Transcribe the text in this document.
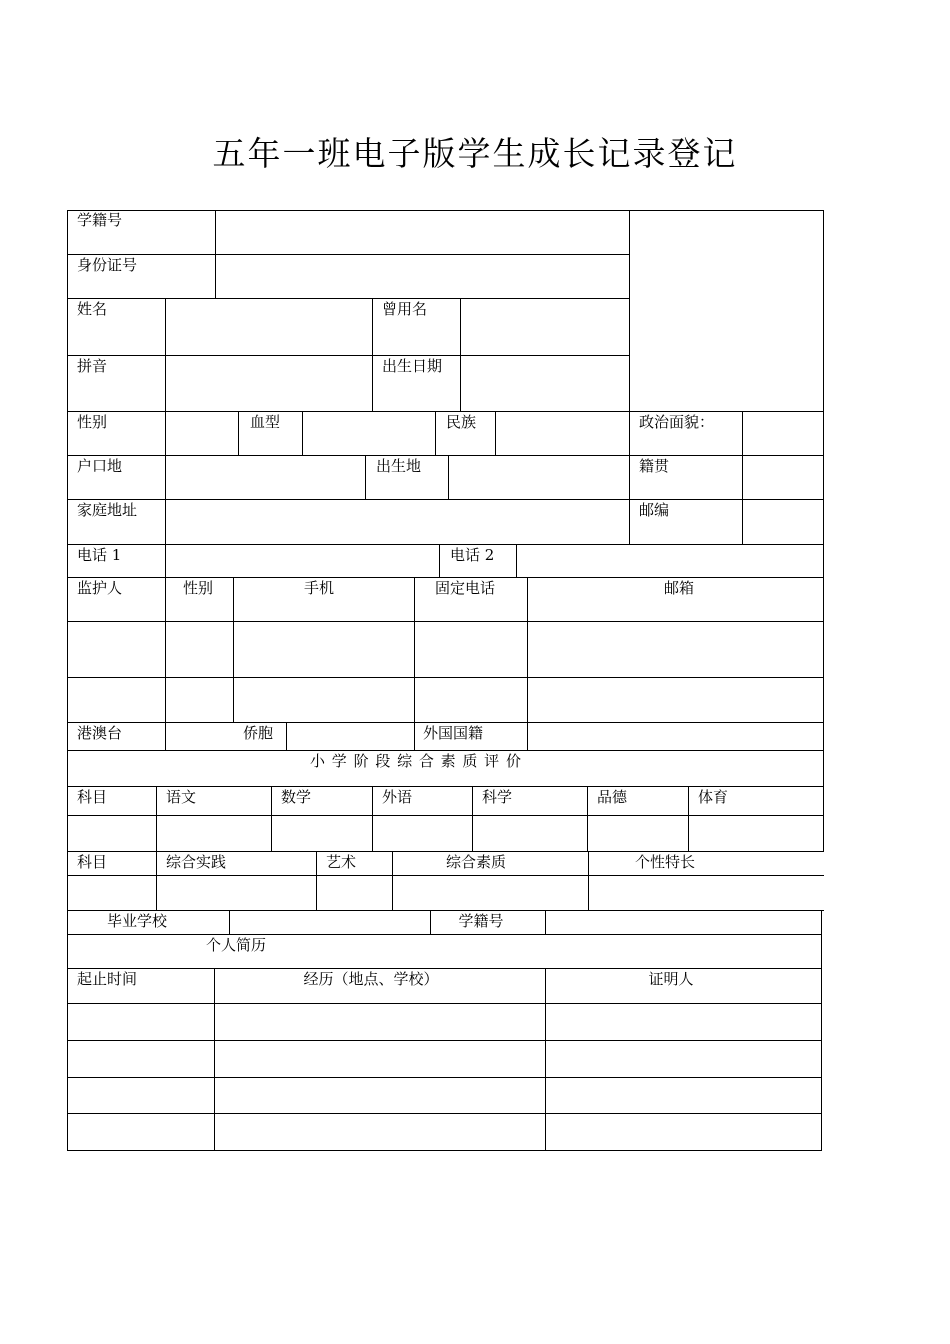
五年一班电子版学生成长记录登记
学籍号
身份证号
姓名	曾用名
拼音	出生日期
性别	血型	民族	政治面貌：
户口地	出生地	籍贯
家庭地址	邮编
电话 1	电话 2
监护人	性别	手机	固定电话	邮箱
港澳台	侨胞	外国国籍
小 学 阶 段 综 合 素 质 评 价
科目	语文	数学	外语	科学	品德	体育
科目	综合实践	艺术	综合素质	个性特长
毕业学校	学籍号
个人简历
起止时间	经历（地点、学校）	证明人
